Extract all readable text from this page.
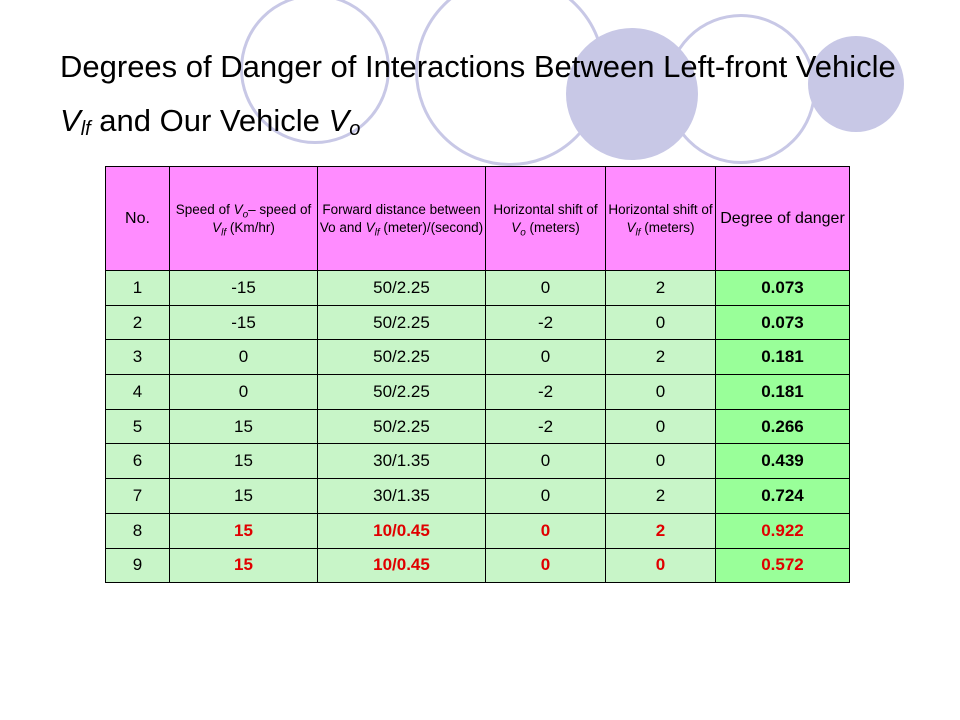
Degrees of Danger of Interactions Between Left-front Vehicle $V_{lf}$ and Our Vehicle $V_o$
No.	Speed of $V_o-$ speed of $V_{lf}$ (Km/hr)	Forward distance between Vo and $V_{lf}$ (meter)/(second)	Horizontal shift of $V_o$ (meters)	Horizontal shift of $V_{lf}$ (meters)	Degree of danger
1	-15	50/2.25	0	2	0.073
2	-15	50/2.25	-2	0	0.073
3	0	50/2.25	0	2	0.181
4	0	50/2.25	-2	0	0.181
5	15	50/2.25	-2	0	0.266
6	15	30/1.35	0	0	0.439
7	15	30/1.35	0	2	0.724
8	15	10/0.45	0	2	0.922
9	15	10/0.45	0	0	0.572
